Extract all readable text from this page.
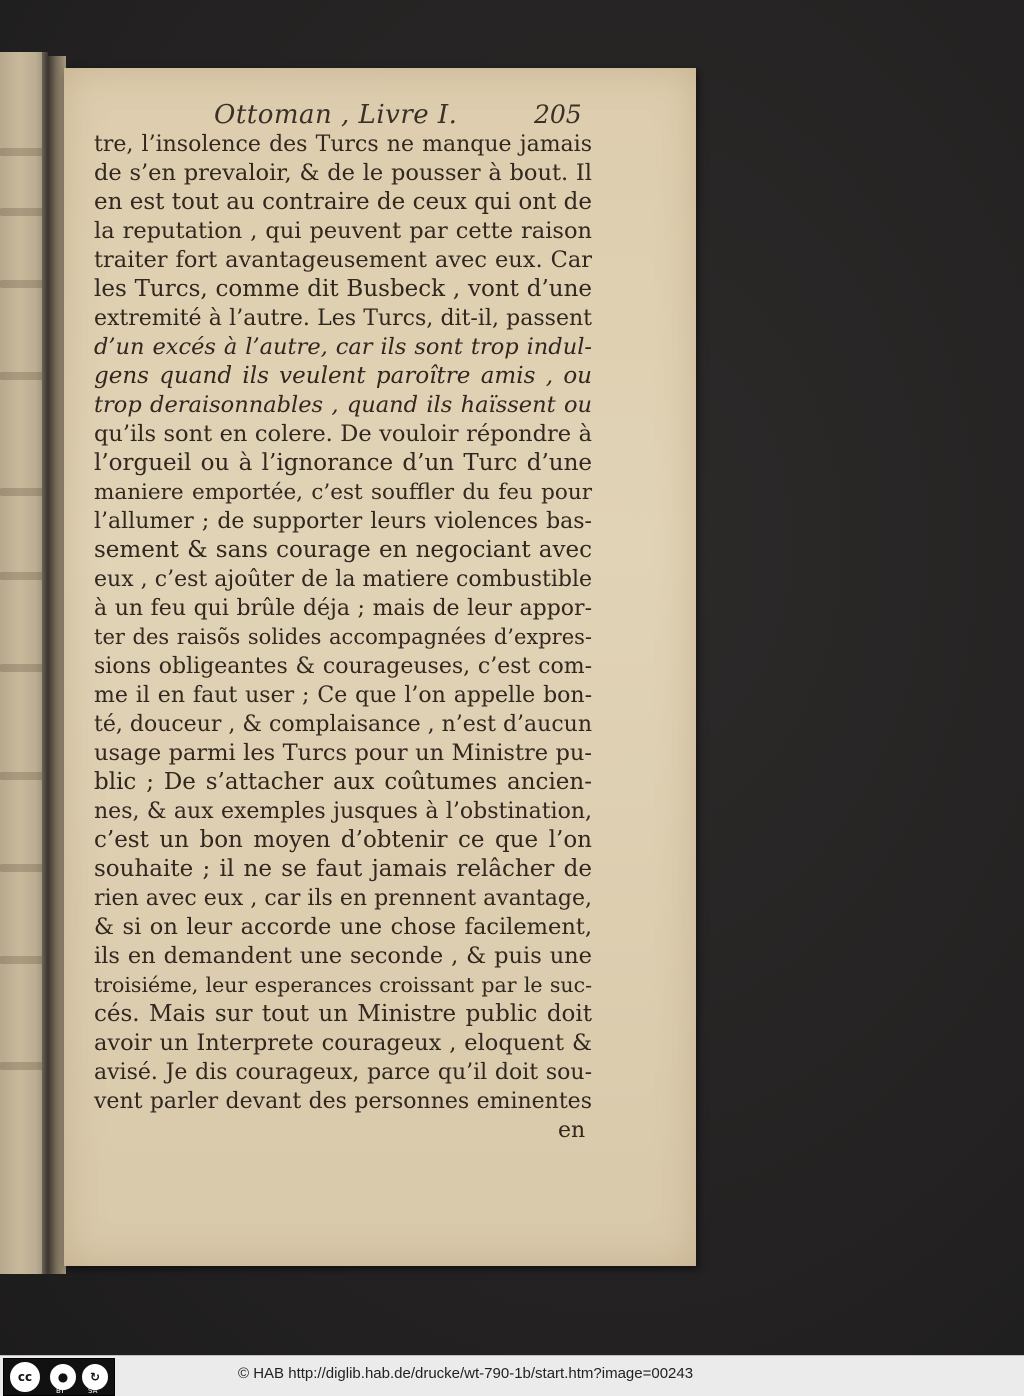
Ottoman , Livre I.	205
tre, l’insolence des Turcs ne manque jamais
de s’en prevaloir, & de le pousser à bout. Il
en est tout au contraire de ceux qui ont de
la reputation , qui peuvent par cette raison
traiter fort avantageusement avec eux. Car
les Turcs, comme dit Busbeck , vont d’une
extremité à l’autre. Les Turcs, dit-il, passent
d’un excés à l’autre, car ils sont trop indul-
gens quand ils veulent paroître amis , ou
trop deraisonnables , quand ils haïssent ou
qu’ils sont en colere. De vouloir répondre à
l’orgueil ou à l’ignorance d’un Turc d’une
maniere emportée, c’est souffler du feu pour
l’allumer ; de supporter leurs violences bas-
sement & sans courage en negociant avec
eux , c’est ajoûter de la matiere combustible
à un feu qui brûle déja ; mais de leur appor-
ter des raisõs solides accompagnées d’expres-
sions obligeantes & courageuses, c’est com-
me il en faut user ; Ce que l’on appelle bon-
té, douceur , & complaisance , n’est d’aucun
usage parmi les Turcs pour un Ministre pu-
blic ; De s’attacher aux coûtumes ancien-
nes, & aux exemples jusques à l’obstination,
c’est un bon moyen d’obtenir ce que l’on
souhaite ; il ne se faut jamais relâcher de
rien avec eux , car ils en prennent avantage,
& si on leur accorde une chose facilement,
ils en demandent une seconde , & puis une
troisiéme, leur esperances croissant par le suc-
cés. Mais sur tout un Ministre public doit
avoir un Interprete courageux , eloquent &
avisé. Je dis courageux, parce qu’il doit sou-
vent parler devant des personnes eminentes
en
cc	●	↻
BY	SA
© HAB http://diglib.hab.de/drucke/wt-790-1b/start.htm?image=00243
